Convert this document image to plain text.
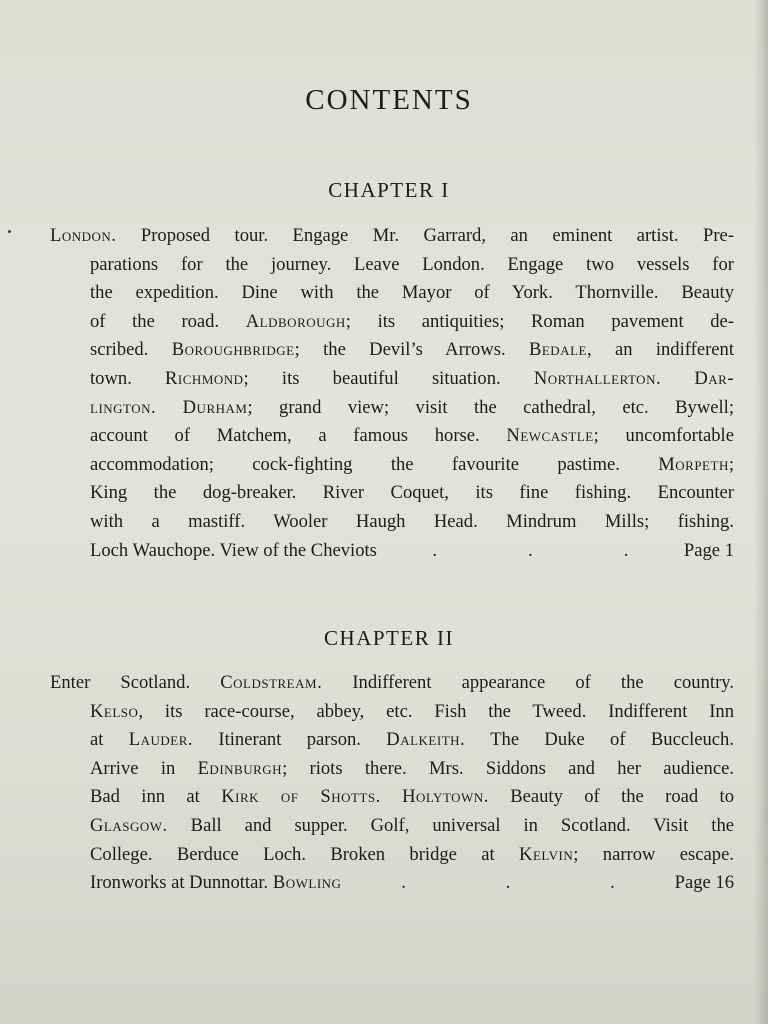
CONTENTS
CHAPTER I
London. Proposed tour. Engage Mr. Garrard, an eminent artist. Pre-
parations for the journey. Leave London. Engage two vessels for
the expedition. Dine with the Mayor of York. Thornville. Beauty
of the road. Aldborough; its antiquities; Roman pavement de-
scribed. Boroughbridge; the Devil’s Arrows. Bedale, an indifferent
town. Richmond; its beautiful situation. Northallerton. Dar-
lington. Durham; grand view; visit the cathedral, etc. Bywell;
account of Matchem, a famous horse. Newcastle; uncomfortable
accommodation; cock-fighting the favourite pastime. Morpeth;
King the dog-breaker. River Coquet, its fine fishing. Encounter
with a mastiff. Wooler Haugh Head. Mindrum Mills; fishing.
Loch Wauchope. View of the Cheviots	.	.	.	Page 1
CHAPTER II
Enter Scotland. Coldstream. Indifferent appearance of the country.
Kelso, its race-course, abbey, etc. Fish the Tweed. Indifferent Inn
at Lauder. Itinerant parson. Dalkeith. The Duke of Buccleuch.
Arrive in Edinburgh; riots there. Mrs. Siddons and her audience.
Bad inn at Kirk of Shotts. Holytown. Beauty of the road to
Glasgow. Ball and supper. Golf, universal in Scotland. Visit the
College. Berduce Loch. Broken bridge at Kelvin; narrow escape.
Ironworks at Dunnottar. Bowling	.	.	.	Page 16
